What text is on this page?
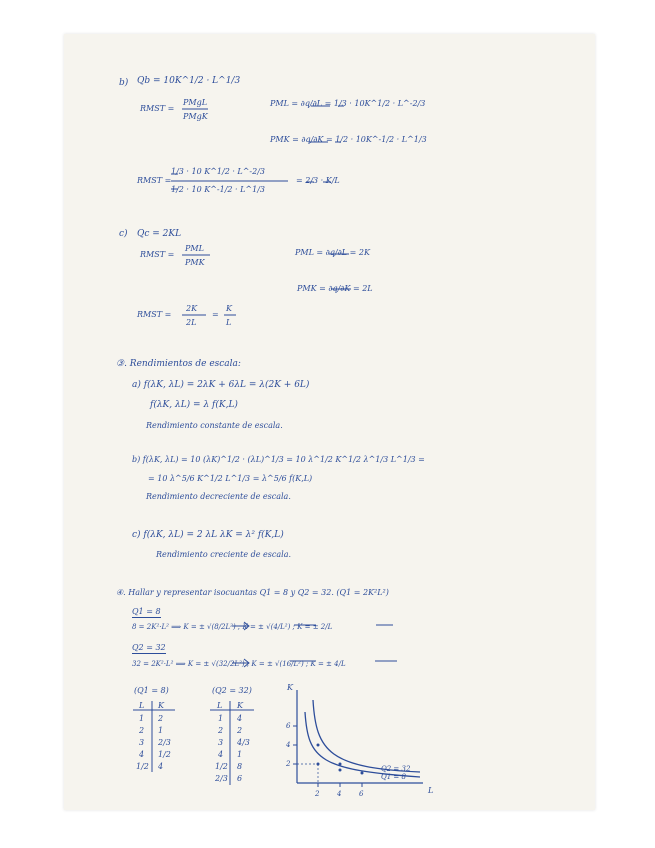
b) Qb = 10K^1/2 · L^1/3
RMST =
PMgL
PMgK
PML = ∂q/∂L = 1/3 · 10K^1/2 · L^-2/3
PMK = ∂q/∂K = 1/2 · 10K^-1/2 · L^1/3
RMST =
1/3 · 10 K^1/2 · L^-2/3
1/2 · 10 K^-1/2 · L^1/3
= 2/3 · K/L
c) Qc = 2KL
RMST =
PML
PMK
PML = ∂q/∂L = 2K
PMK = ∂q/∂K = 2L
RMST =
2K
2L
=
K
L
③. Rendimientos de escala:
a) f(λK, λL) = 2λK + 6λL = λ(2K + 6L)
f(λK, λL) = λ f(K,L)
Rendimiento constante de escala.
b) f(λK, λL) = 10 (λK)^1/2 · (λL)^1/3 = 10 λ^1/2 K^1/2 λ^1/3 L^1/3 =
= 10 λ^5/6 K^1/2 L^1/3 = λ^5/6 f(K,L)
Rendimiento decreciente de escala.
c) f(λK, λL) = 2 λL λK = λ² f(K,L)
Rendimiento creciente de escala.
④. Hallar y representar isocuantas Q1 = 8 y Q2 = 32. (Q1 = 2K²L²)
Q1 = 8
8 = 2K²·L² ⟹ K = ± √(8/2L²) ; K = ± √(4/L²) ; K = ± 2/L
Q2 = 32
32 = 2K²·L² ⟹ K = ± √(32/2L²) ; K = ± √(16/L²) ; K = ± 4/L
(Q1 = 8)
L K
1 2
2 1
3 2/3
4 1/2
1/2 4
(Q2 = 32)
L K
1 4
2 2
3 4/3
4 1
1/2 8
2/3 6
K
L
2
4
6
2	4	6
Q2 = 32
Q1 = 8
